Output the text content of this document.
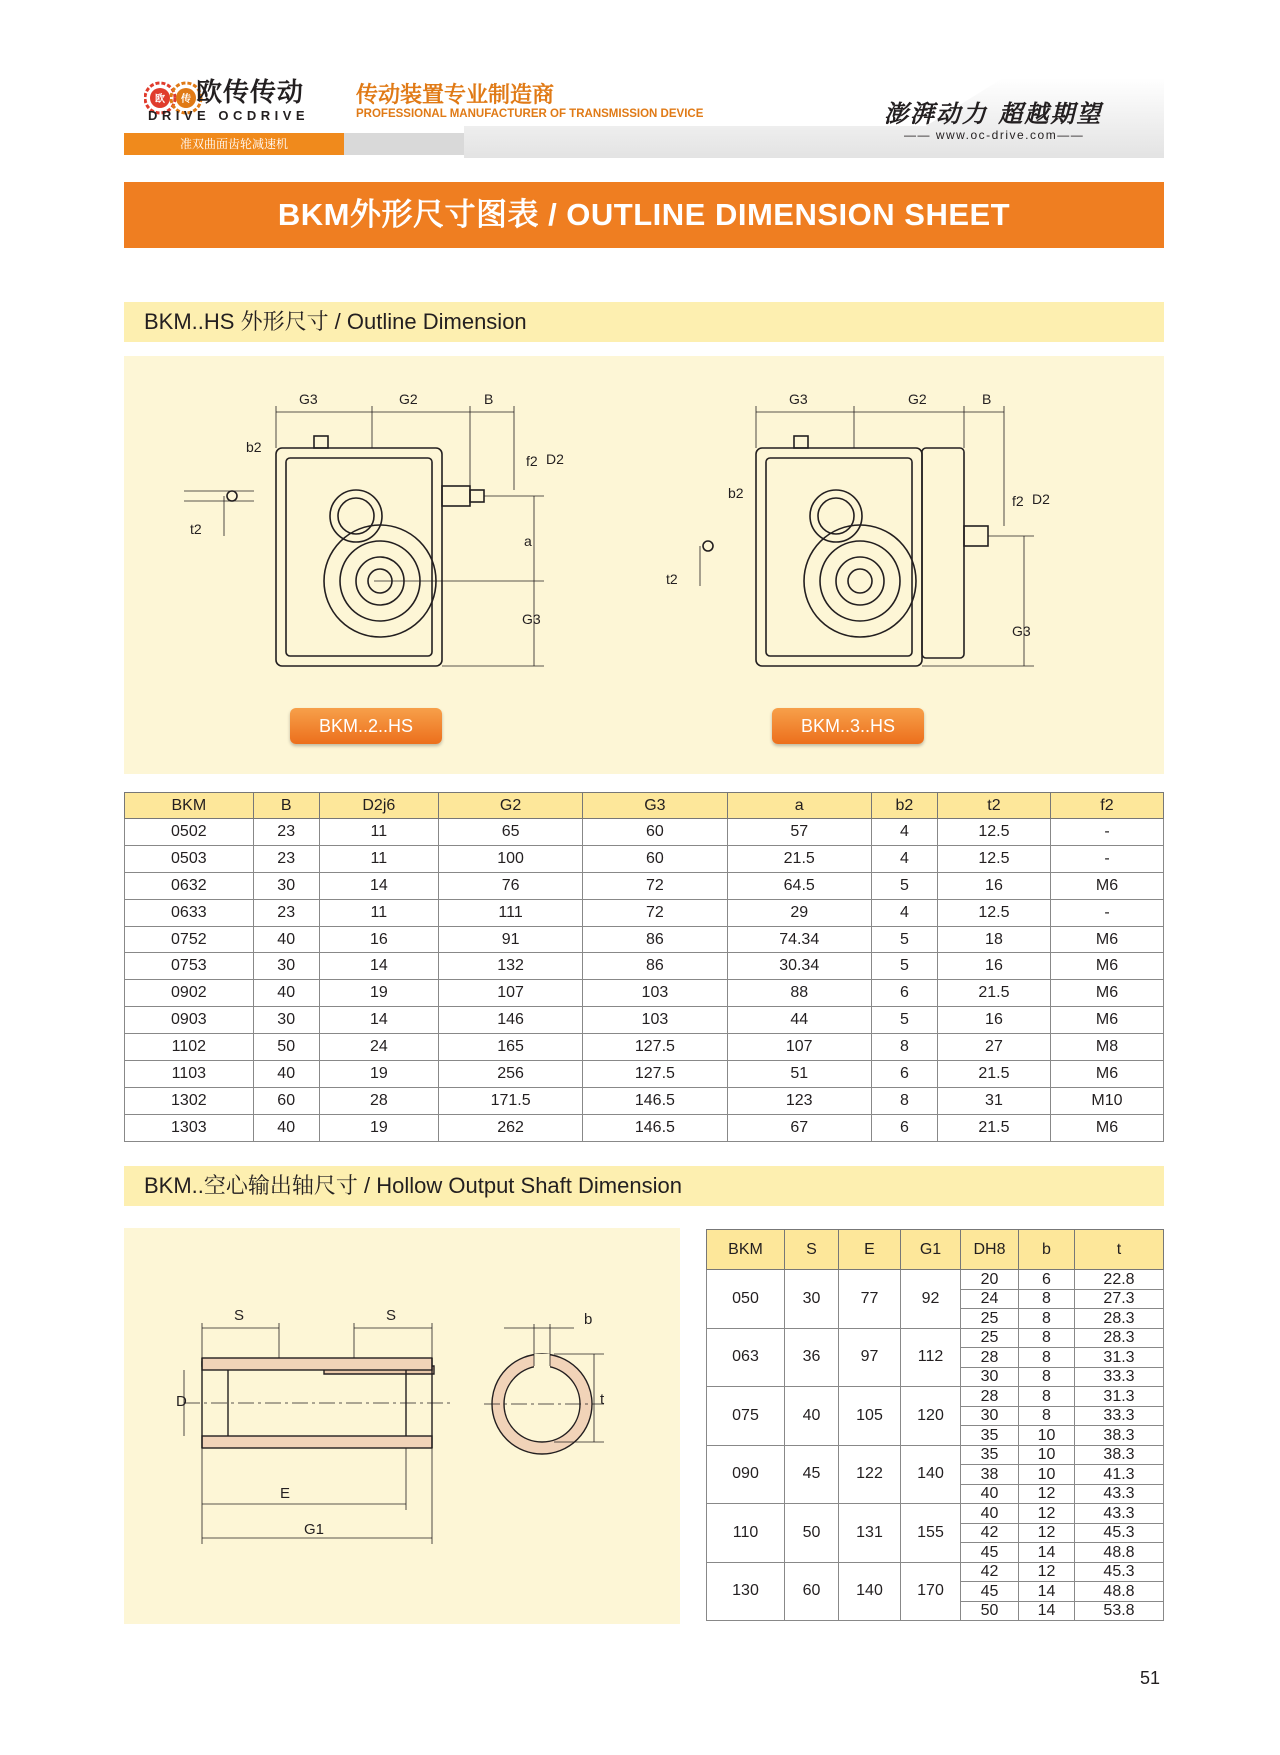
欧 传 欧传传动
DRIVE OCDRIVE
传动装置专业制造商
PROFESSIONAL MANUFACTURER OF TRANSMISSION DEVICE	澎湃动力 超越期望
—— www.oc-drive.com——
准双曲面齿轮减速机
BKM外形尺寸图表 / OUTLINE DIMENSION SHEET
BKM..HS 外形尺寸 / Outline Dimension
G3	G2	B
b2
f2 D2
a
t2
G3
G3	G2	B
b2	f2 D2
t2
G3
BKM..2..HS	BKM..3..HS
BKM	B	D2j6	G2	G3	a	b2	t2	f2
0502	23	11	65	60	57	4	12.5	-
0503	23	11	100	60	21.5	4	12.5	-
0632	30	14	76	72	64.5	5	16	M6
0633	23	11	111	72	29	4	12.5	-
0752	40	16	91	86	74.34	5	18	M6
0753	30	14	132	86	30.34	5	16	M6
0902	40	19	107	103	88	6	21.5	M6
0903	30	14	146	103	44	5	16	M6
1102	50	24	165	127.5	107	8	27	M8
1103	40	19	256	127.5	51	6	21.5	M6
1302	60	28	171.5	146.5	123	8	31	M10
1303	40	19	262	146.5	67	6	21.5	M6
BKM..空心输出轴尺寸 / Hollow Output Shaft Dimension
S	S
D
E
G1
b
t
BKM	S	E	G1	DH8	b	t
050	30	77	92	20	6	22.8
				24	8	27.3
				25	8	28.3
063	36	97	112	25	8	28.3
				28	8	31.3
				30	8	33.3
075	40	105	120	28	8	31.3
				30	8	33.3
				35	10	38.3
090	45	122	140	35	10	38.3
				38	10	41.3
				40	12	43.3
110	50	131	155	40	12	43.3
				42	12	45.3
				45	14	48.8
130	60	140	170	42	12	45.3
				45	14	48.8
				50	14	53.8
51
